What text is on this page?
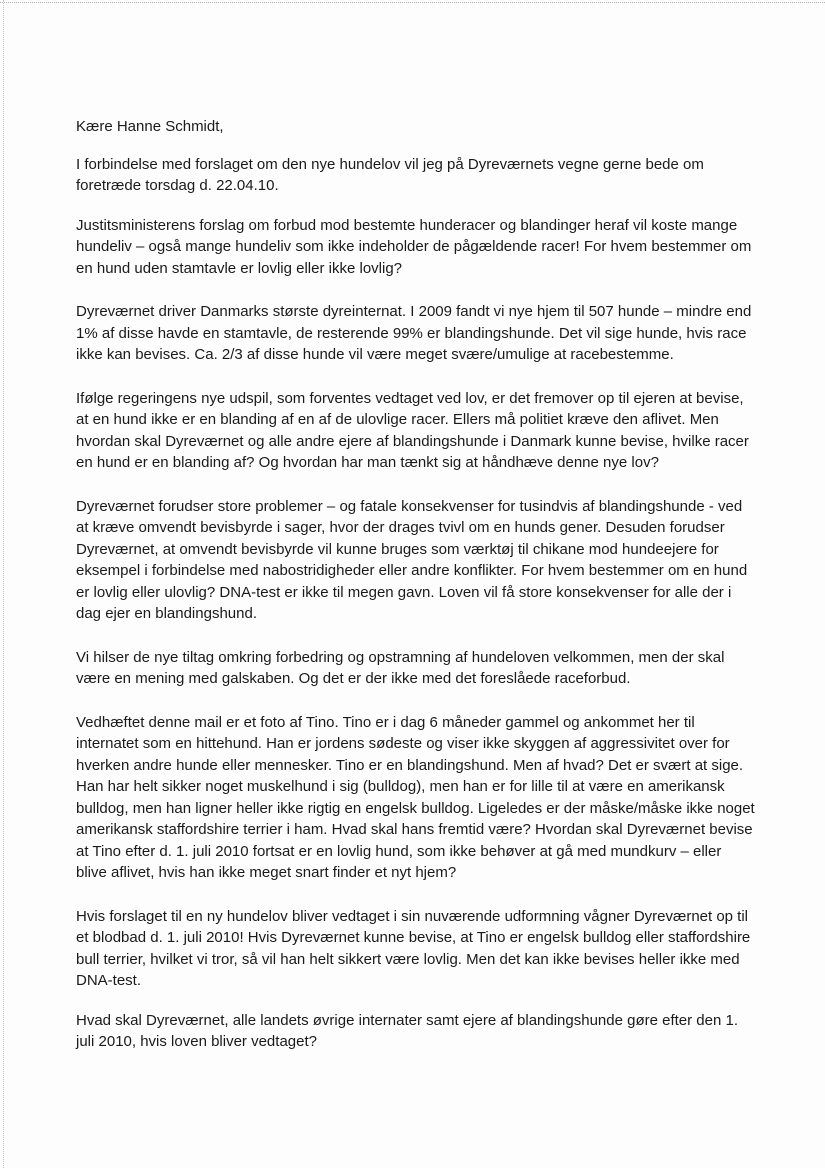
Kære Hanne Schmidt,

I forbindelse med forslaget om den nye hundelov vil jeg på Dyreværnets vegne gerne bede om foretræde torsdag d. 22.04.10.

Justitsministerens forslag om forbud mod bestemte hunderacer og blandinger heraf vil koste mange hundeliv – også mange hundeliv som ikke indeholder de pågældende racer! For hvem bestemmer om en hund uden stamtavle er lovlig eller ikke lovlig?

Dyreværnet driver Danmarks største dyreinternat. I 2009 fandt vi nye hjem til 507 hunde – mindre end 1% af disse havde en stamtavle, de resterende 99% er blandingshunde. Det vil sige hunde, hvis race ikke kan bevises. Ca. 2/3 af disse hunde vil være meget svære/umulige at racebestemme.

Ifølge regeringens nye udspil, som forventes vedtaget ved lov, er det fremover op til ejeren at bevise, at en hund ikke er en blanding af en af de ulovlige racer. Ellers må politiet kræve den aflivet. Men hvordan skal Dyreværnet og alle andre ejere af blandingshunde i Danmark kunne bevise, hvilke racer en hund er en blanding af? Og hvordan har man tænkt sig at håndhæve denne nye lov?

Dyreværnet forudser store problemer – og fatale konsekvenser for tusindvis af blandingshunde - ved at kræve omvendt bevisbyrde i sager, hvor der drages tvivl om en hunds gener. Desuden forudser Dyreværnet, at omvendt bevisbyrde vil kunne bruges som værktøj til chikane mod hundeejere for eksempel i forbindelse med nabostridigheder eller andre konflikter. For hvem bestemmer om en hund er lovlig eller ulovlig? DNA-test er ikke til megen gavn. Loven vil få store konsekvenser for alle der i dag ejer en blandingshund.

Vi hilser de nye tiltag omkring forbedring og opstramning af hundeloven velkommen, men der skal være en mening med galskaben. Og det er der ikke med det foreslåede raceforbud.

Vedhæftet denne mail er et foto af Tino. Tino er i dag 6 måneder gammel og ankommet her til internatet som en hittehund. Han er jordens sødeste og viser ikke skyggen af aggressivitet over for hverken andre hunde eller mennesker. Tino er en blandingshund. Men af hvad? Det er svært at sige. Han har helt sikker noget muskelhund i sig (bulldog), men han er for lille til at være en amerikansk bulldog, men han ligner heller ikke rigtig en engelsk bulldog. Ligeledes er der måske/måske ikke noget amerikansk staffordshire terrier i ham. Hvad skal hans fremtid være? Hvordan skal Dyreværnet bevise at Tino efter d. 1. juli 2010 fortsat er en lovlig hund, som ikke behøver at gå med mundkurv – eller blive aflivet, hvis han ikke meget snart finder et nyt hjem?

Hvis forslaget til en ny hundelov bliver vedtaget i sin nuværende udformning vågner Dyreværnet op til et blodbad d. 1. juli 2010! Hvis Dyreværnet kunne bevise, at Tino er engelsk bulldog eller staffordshire bull terrier, hvilket vi tror, så vil han helt sikkert være lovlig. Men det kan ikke bevises heller ikke med DNA-test.

Hvad skal Dyreværnet, alle landets øvrige internater samt ejere af blandingshunde gøre efter den 1. juli 2010, hvis loven bliver vedtaget?
